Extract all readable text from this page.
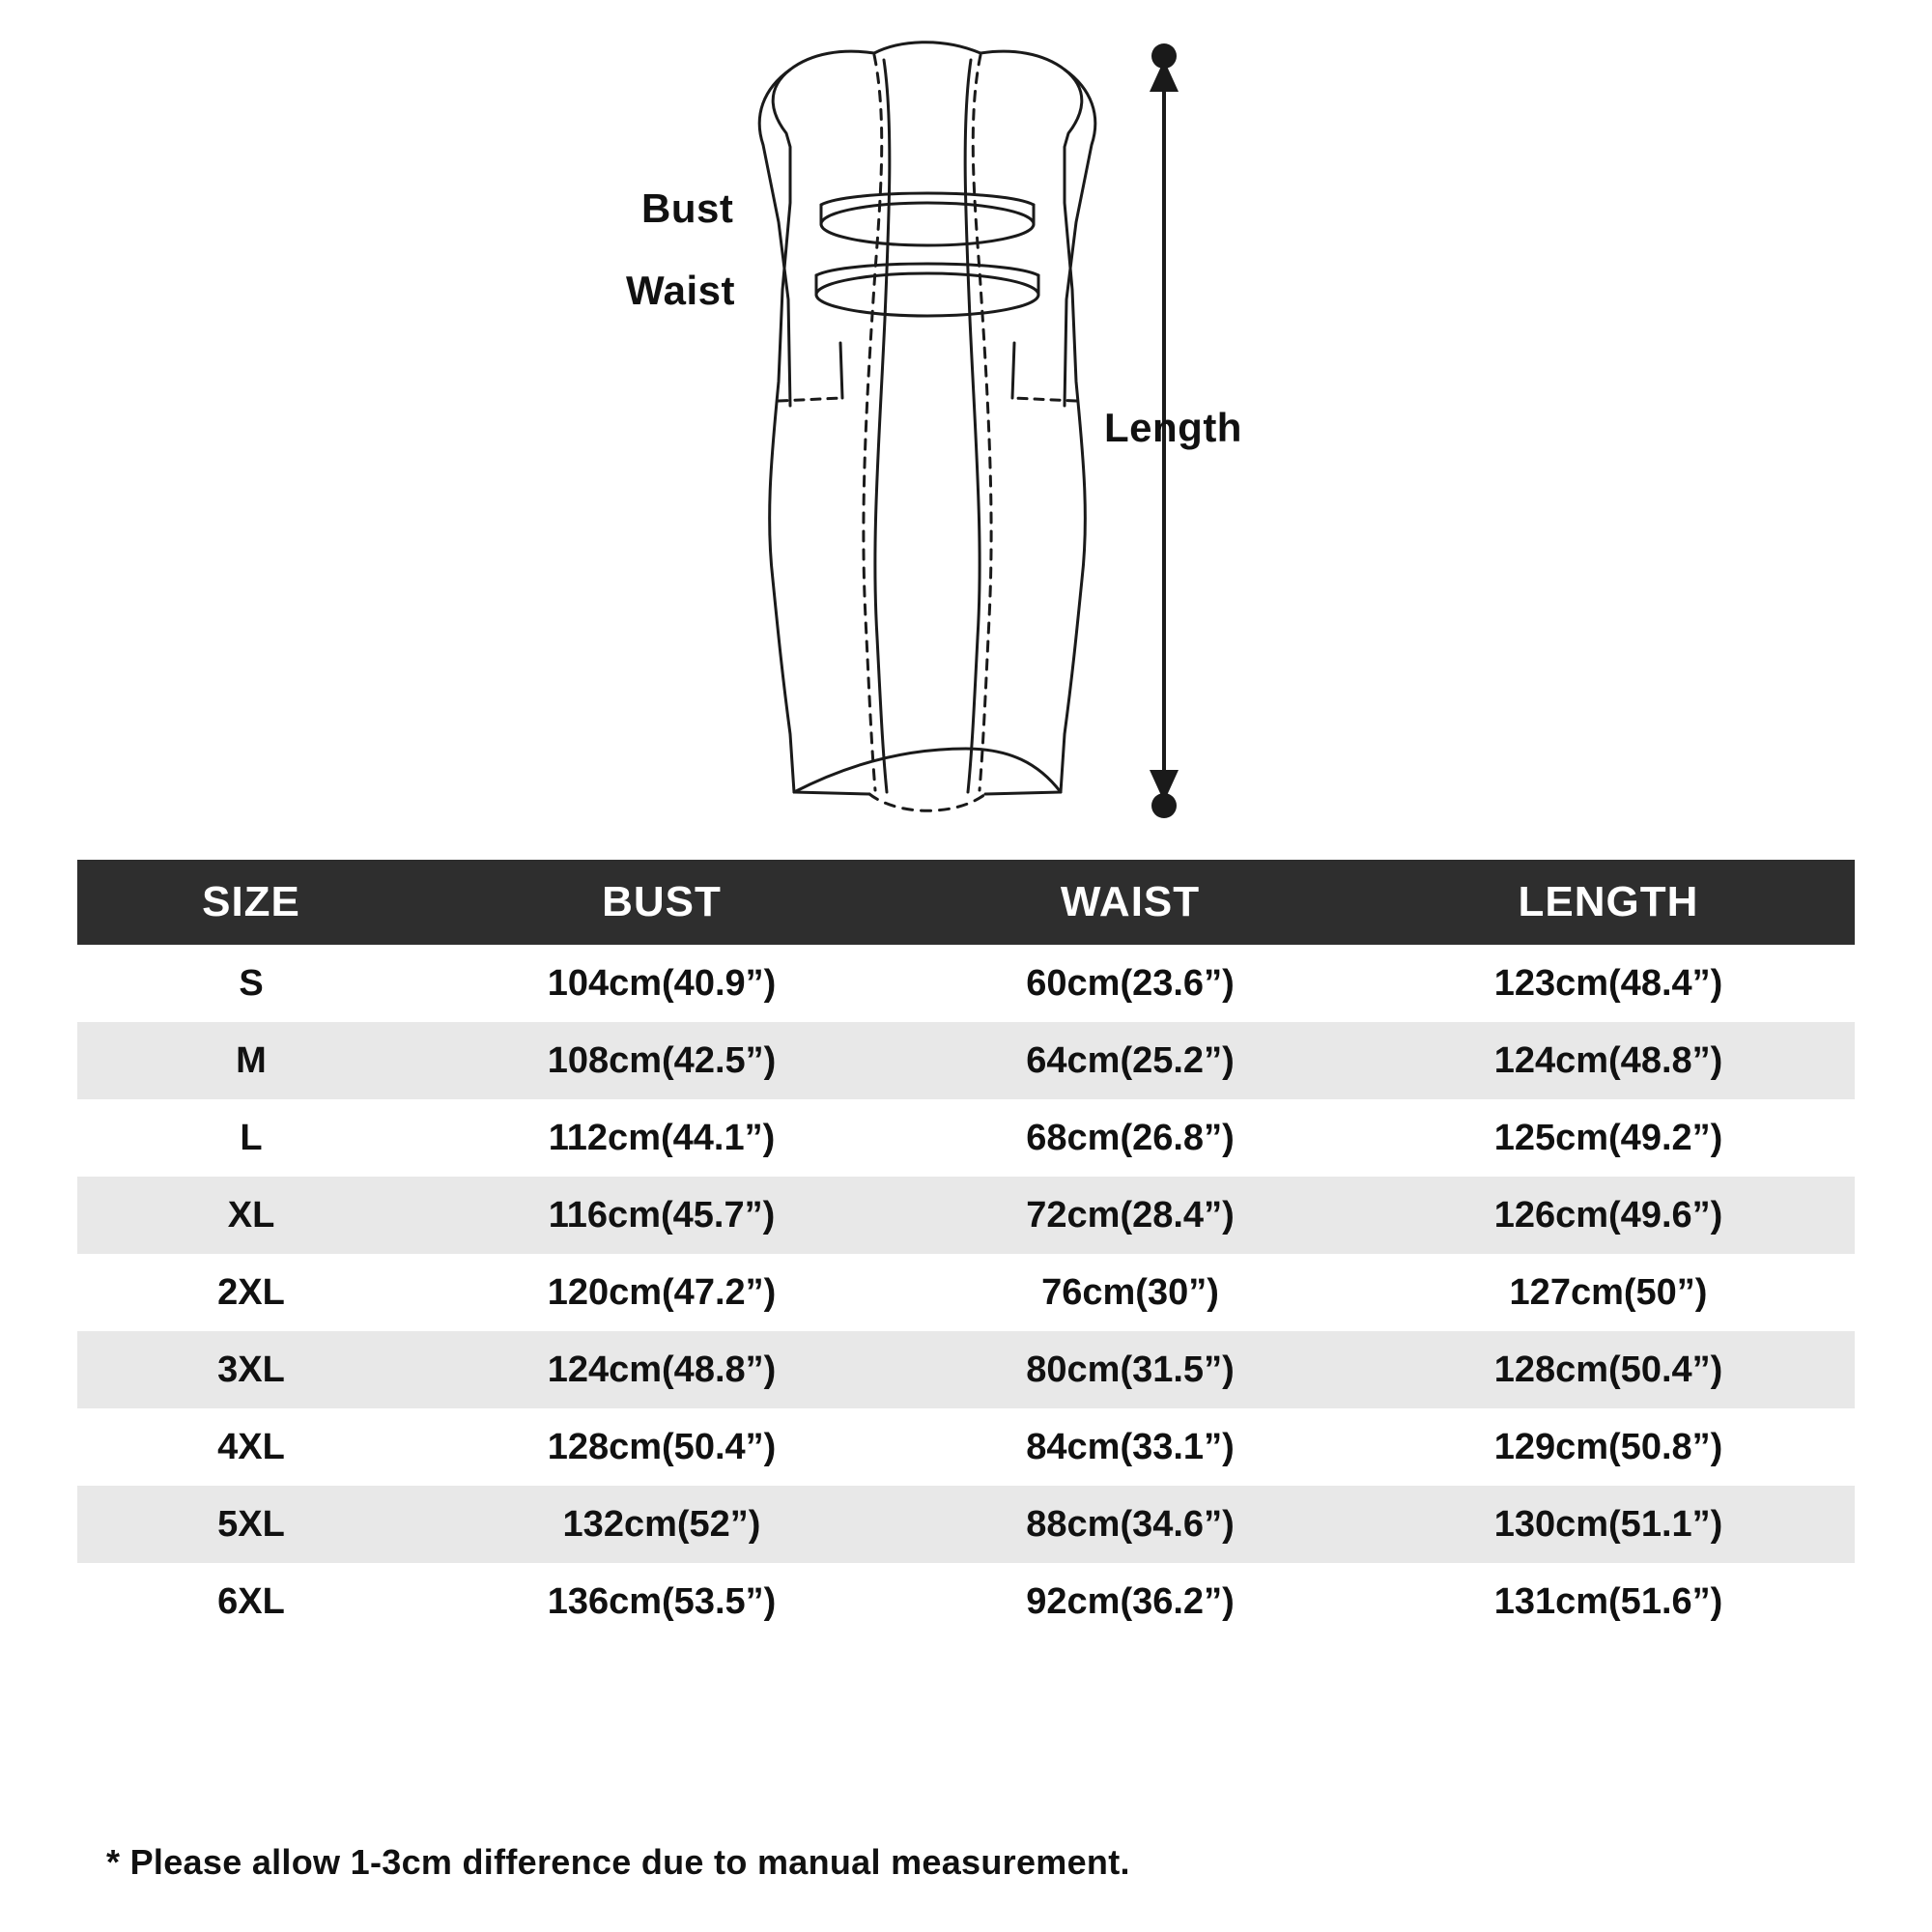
Bust
Waist
Length
SIZE	BUST	WAIST	LENGTH
S	104cm(40.9”)	60cm(23.6”)	123cm(48.4”)
M	108cm(42.5”)	64cm(25.2”)	124cm(48.8”)
L	112cm(44.1”)	68cm(26.8”)	125cm(49.2”)
XL	116cm(45.7”)	72cm(28.4”)	126cm(49.6”)
2XL	120cm(47.2”)	76cm(30”)	127cm(50”)
3XL	124cm(48.8”)	80cm(31.5”)	128cm(50.4”)
4XL	128cm(50.4”)	84cm(33.1”)	129cm(50.8”)
5XL	132cm(52”)	88cm(34.6”)	130cm(51.1”)
6XL	136cm(53.5”)	92cm(36.2”)	131cm(51.6”)
* Please allow 1-3cm difference due to manual measurement.
